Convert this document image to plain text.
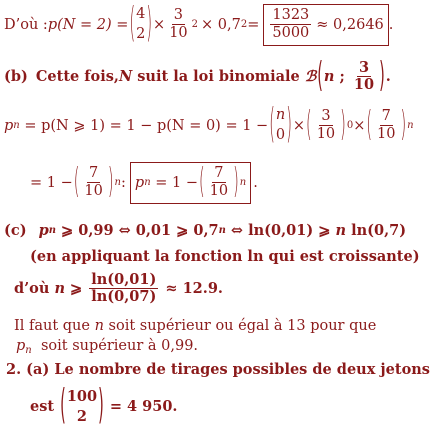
D’où : p(N = 2) = ( 4
2 ) × $\frac{3}{10} 2 \times 0,7$ $2 = \frac{1323}{5000} \approx 0,2646$ .
(b) Cette fois, N suit la loi binomiale ℬ ( n ; $\frac{3}{10}$ ) .
p n = p(N ⩾ 1) = 1 − p(N = 0) = 1 − ( n
0 ) × ( $\frac{3}{10}$ ) 0 × ( $\frac{7}{10}$ ) n
= 1 − ( $\frac{7}{10}$ ) n : p n = 1 − ( $\frac{7}{10}$ ) n .
(c) p n ⩾ 0,99 ⇔ 0,01 ⩾ 0,7 n ⇔ ln(0,01) ⩾ n ln(0,7)
(en appliquant la fonction ln qui est croissante)
d’où n ⩾ $\frac{\ln(0,01)}{\ln(0,07)} \approx 12.9$.
Il faut que n soit supérieur ou égal à 13 pour que
$p_n$  soit supérieur à 0,99.
2. (a) Le nombre de tirages possibles de deux jetons
est ( 100
2 ) = 4 950.
